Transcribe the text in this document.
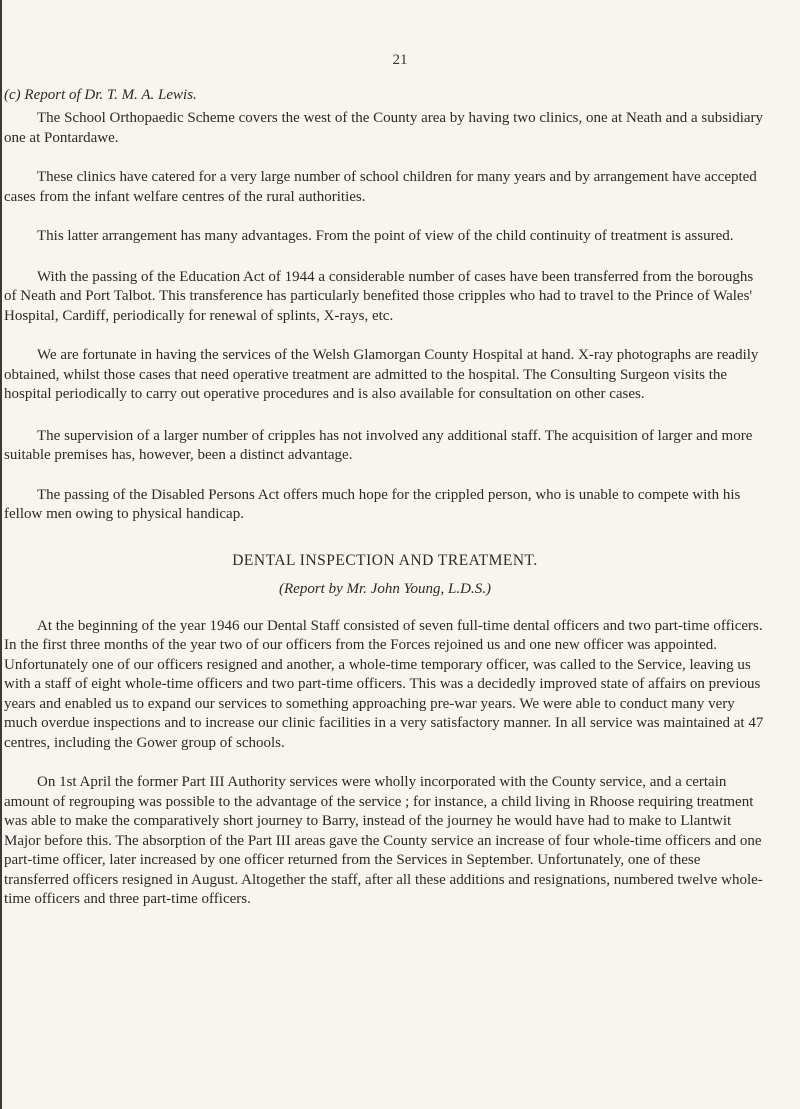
21
(c) Report of Dr. T. M. A. Lewis.

The School Orthopaedic Scheme covers the west of the County area by having two clinics, one at Neath and a subsidiary one at Pontardawe.

These clinics have catered for a very large number of school children for many years and by arrangement have accepted cases from the infant welfare centres of the rural authorities.

This latter arrangement has many advantages. From the point of view of the child continuity of treatment is assured.

With the passing of the Education Act of 1944 a considerable number of cases have been transferred from the boroughs of Neath and Port Talbot. This transference has particularly benefited those cripples who had to travel to the Prince of Wales' Hospital, Cardiff, periodically for renewal of splints, X-rays, etc.

We are fortunate in having the services of the Welsh Glamorgan County Hospital at hand. X-ray photographs are readily obtained, whilst those cases that need operative treatment are admitted to the hospital. The Consulting Surgeon visits the hospital periodically to carry out operative procedures and is also available for consultation on other cases.

The supervision of a larger number of cripples has not involved any additional staff. The acquisition of larger and more suitable premises has, however, been a distinct advantage.

The passing of the Disabled Persons Act offers much hope for the crippled person, who is unable to compete with his fellow men owing to physical handicap.

DENTAL INSPECTION AND TREATMENT.
(Report by Mr. John Young, L.D.S.)

At the beginning of the year 1946 our Dental Staff consisted of seven full-time dental officers and two part-time officers. In the first three months of the year two of our officers from the Forces rejoined us and one new officer was appointed. Unfortunately one of our officers resigned and another, a whole-time temporary officer, was called to the Service, leaving us with a staff of eight whole-time officers and two part-time officers. This was a decidedly improved state of affairs on previous years and enabled us to expand our services to something approaching pre-war years. We were able to conduct many very much overdue inspections and to increase our clinic facilities in a very satisfactory manner. In all service was maintained at 47 centres, including the Gower group of schools.

On 1st April the former Part III Authority services were wholly incorporated with the County service, and a certain amount of regrouping was possible to the advantage of the service ; for instance, a child living in Rhoose requiring treatment was able to make the comparatively short journey to Barry, instead of the journey he would have had to make to Llantwit Major before this. The absorption of the Part III areas gave the County service an increase of four whole-time officers and one part-time officer, later increased by one officer returned from the Services in September. Unfortunately, one of these transferred officers resigned in August. Altogether the staff, after all these additions and resignations, numbered twelve whole-time officers and three part-time officers.
